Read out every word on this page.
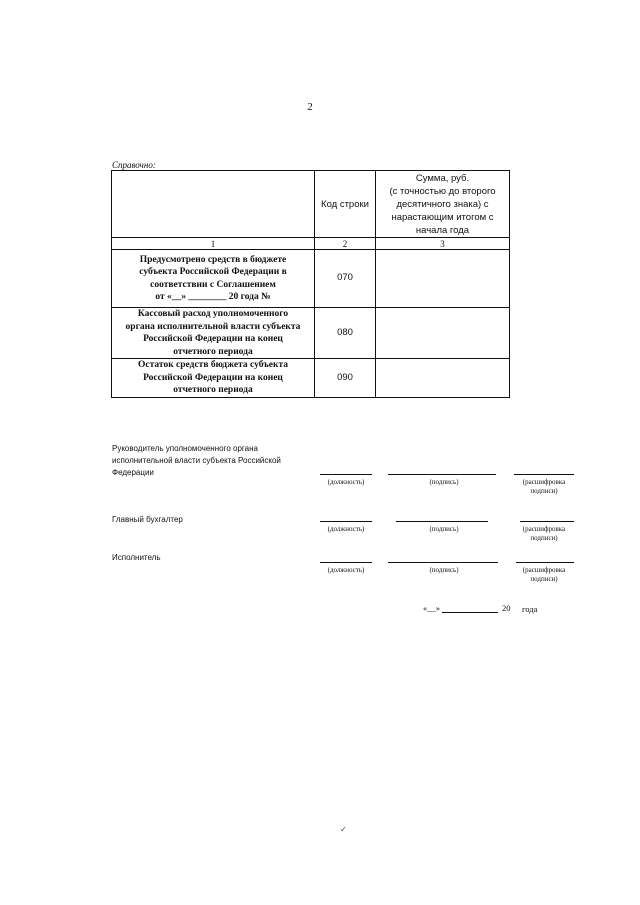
2
Справочно:
	Код строки	Сумма, руб.
(с точностью до второго
десятичного знака) с
нарастающим итогом с
начала года

1	2	3

Предусмотрено средств в бюджете
субъекта Российской Федерации в
соответствии с Соглашением
от «__» ________ 20 года №	070	

Кассовый расход уполномоченного
органа исполнительной власти субъекта
Российской Федерации на конец
отчетного периода	080	

Остаток средств бюджета субъекта
Российской Федерации на конец
отчетного периода	090	
Руководитель уполномоченного органа
исполнительной власти субъекта Российской
Федерации
(должность)	(подпись)	(расшифровка
подписи)
Главный бухгалтер
(должность)	(подпись)	(расшифровка
подписи)
Исполнитель
(должность)	(подпись)	(расшифровка
подписи)
«__»	20 года
✓
